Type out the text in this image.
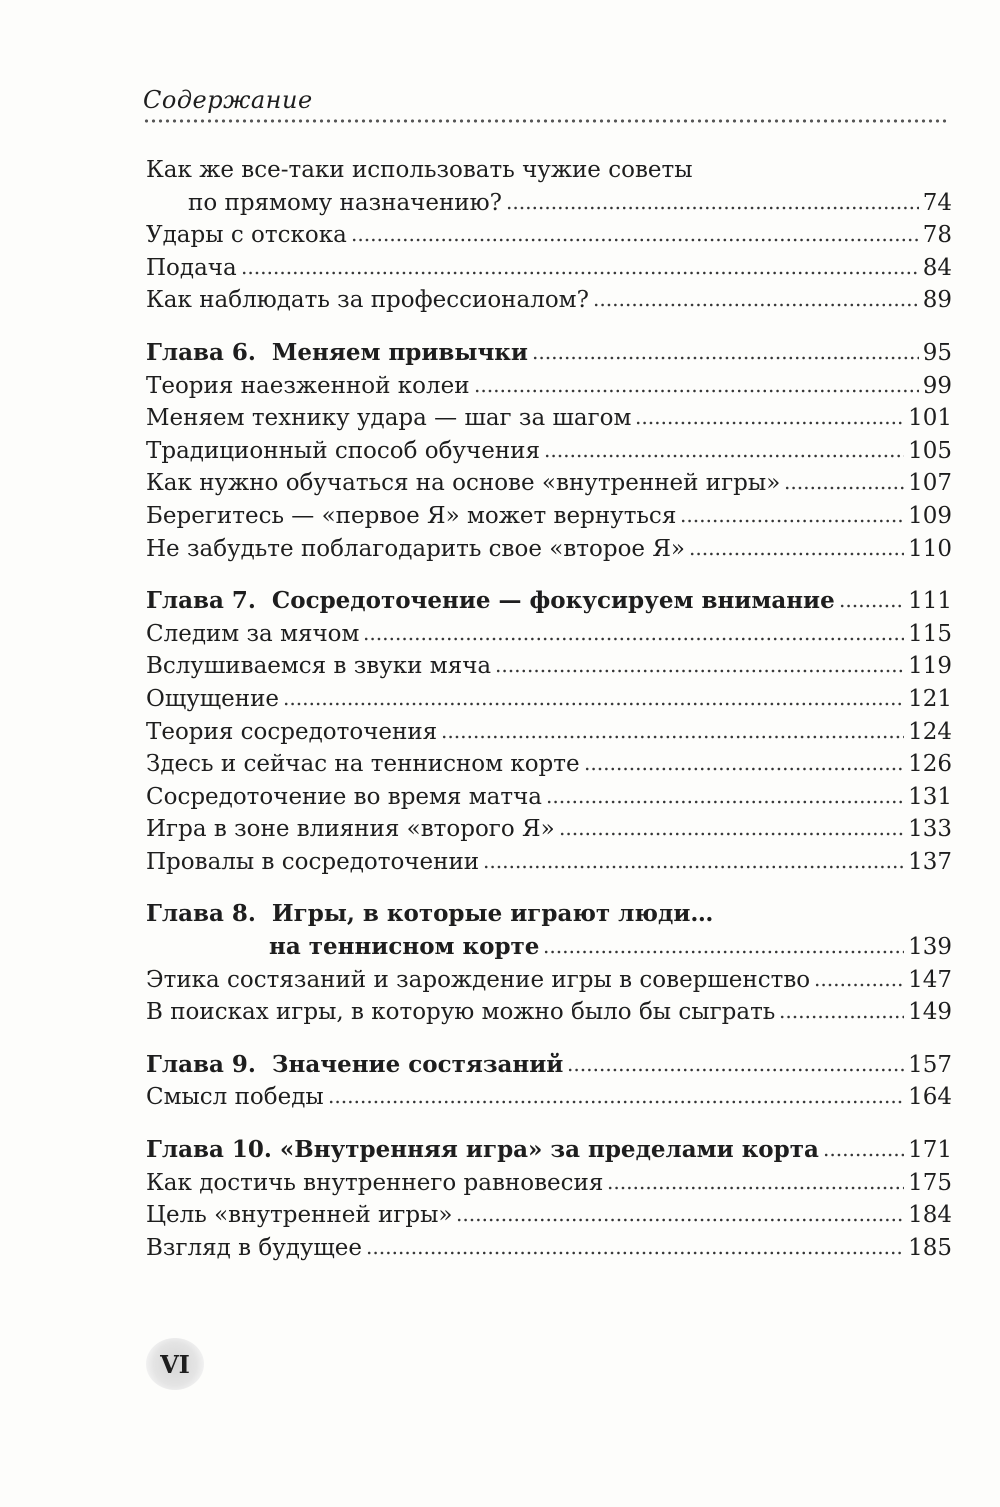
Содержание
Как же все-таки использовать чужие советы
по прямому назначению?	74
Удары с отскока	78
Подача	84
Как наблюдать за профессионалом?	89
Глава 6.  Меняем привычки	95
Теория наезженной колеи	99
Меняем технику удара — шаг за шагом	101
Традиционный способ обучения	105
Как нужно обучаться на основе «внутренней игры»	107
Берегитесь — «первое Я» может вернуться	109
Не забудьте поблагодарить свое «второе Я»	110
Глава 7.  Сосредоточение — фокусируем внимание	111
Следим за мячом	115
Вслушиваемся в звуки мяча	119
Ощущение	121
Теория сосредоточения	124
Здесь и сейчас на теннисном корте	126
Сосредоточение во время матча	131
Игра в зоне влияния «второго Я»	133
Провалы в сосредоточении	137
Глава 8.  Игры, в которые играют люди…
на теннисном корте	139
Этика состязаний и зарождение игры в совершенство	147
В поисках игры, в которую можно было бы сыграть	149
Глава 9.  Значение состязаний	157
Смысл победы	164
Глава 10. «Внутренняя игра» за пределами корта	171
Как достичь внутреннего равновесия	175
Цель «внутренней игры»	184
Взгляд в будущее	185
VI
